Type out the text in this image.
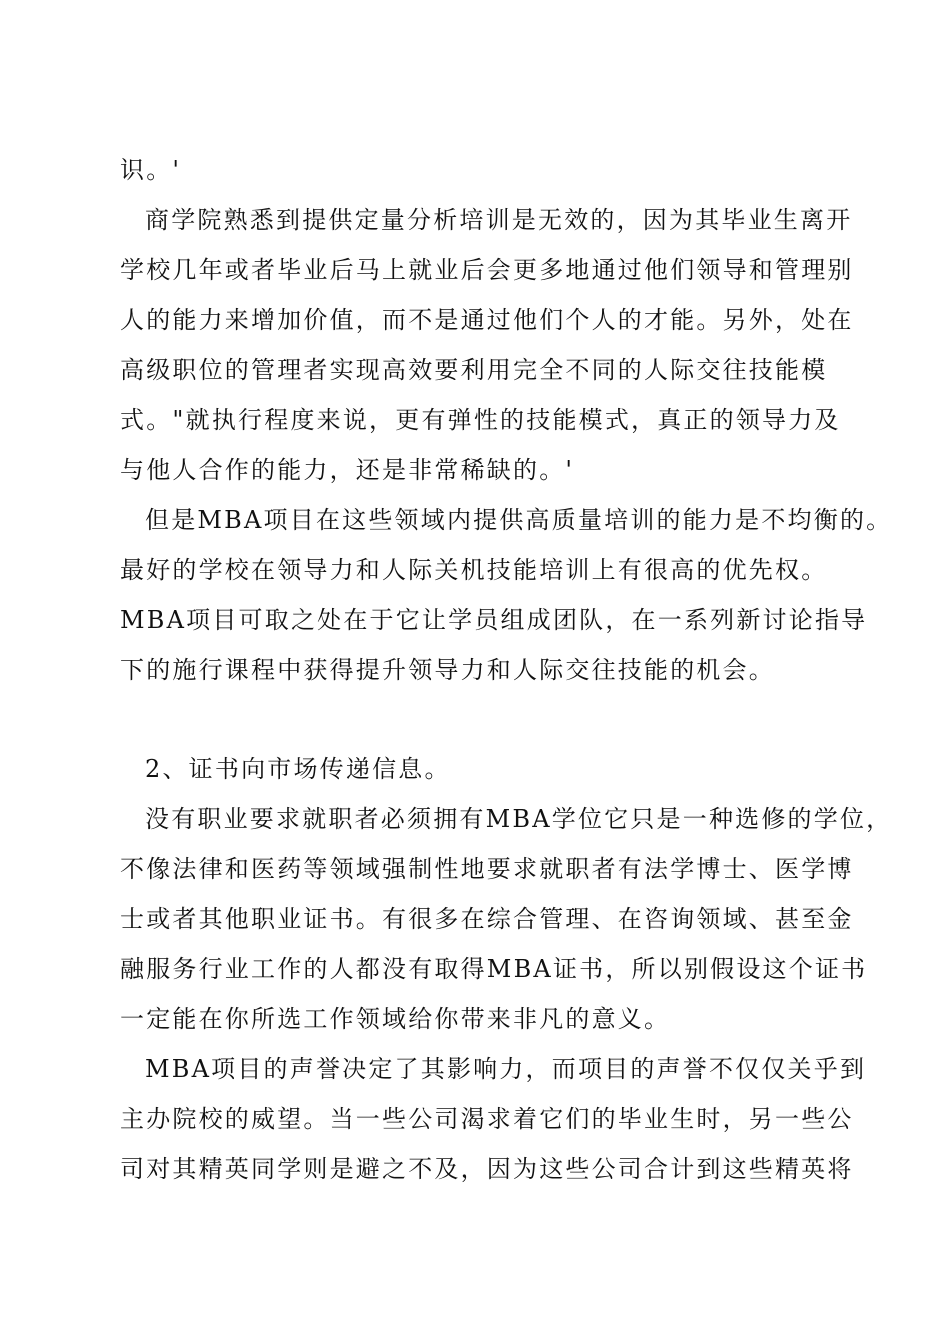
识。'

商学院熟悉到提供定量分析培训是无效的，因为其毕业生离开

学校几年或者毕业后马上就业后会更多地通过他们领导和管理别

人的能力来增加价值，而不是通过他们个人的才能。另外，处在

高级职位的管理者实现高效要利用完全不同的人际交往技能模

式。"就执行程度来说，更有弹性的技能模式，真正的领导力及

与他人合作的能力，还是非常稀缺的。'

但是MBA项目在这些领域内提供高质量培训的能力是不均衡的。

最好的学校在领导力和人际关机技能培训上有很高的优先权。

MBA项目可取之处在于它让学员组成团队，在一系列新讨论指导

下的施行课程中获得提升领导力和人际交往技能的机会。

2、证书向市场传递信息。

没有职业要求就职者必须拥有MBA学位它只是一种选修的学位，

不像法律和医药等领域强制性地要求就职者有法学博士、医学博

士或者其他职业证书。有很多在综合管理、在咨询领域、甚至金

融服务行业工作的人都没有取得MBA证书，所以别假设这个证书

一定能在你所选工作领域给你带来非凡的意义。

MBA项目的声誉决定了其影响力，而项目的声誉不仅仅关乎到

主办院校的威望。当一些公司渴求着它们的毕业生时，另一些公

司对其精英同学则是避之不及，因为这些公司合计到这些精英将
